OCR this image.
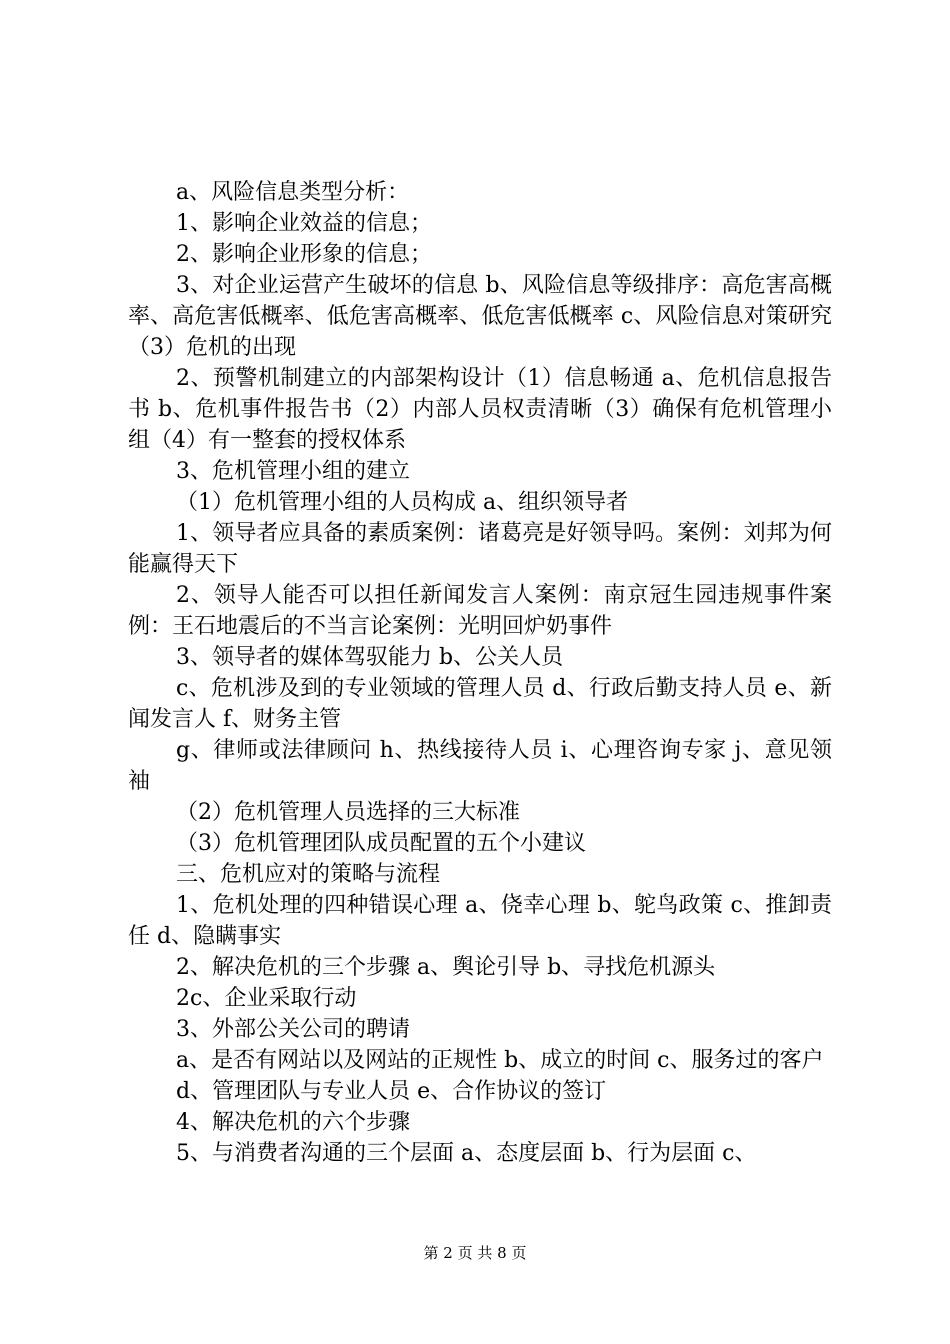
a、风险信息类型分析：

1、影响企业效益的信息；

2、影响企业形象的信息；

3、对企业运营产生破坏的信息 b、风险信息等级排序：高危害高概率、高危害低概率、低危害高概率、低危害低概率 c、风险信息对策研究（3）危机的出现

2、预警机制建立的内部架构设计（1）信息畅通 a、危机信息报告书 b、危机事件报告书（2）内部人员权责清晰（3）确保有危机管理小组（4）有一整套的授权体系

3、危机管理小组的建立

（1）危机管理小组的人员构成 a、组织领导者

1、领导者应具备的素质案例：诸葛亮是好领导吗。案例：刘邦为何能赢得天下

2、领导人能否可以担任新闻发言人案例：南京冠生园违规事件案例：王石地震后的不当言论案例：光明回炉奶事件

3、领导者的媒体驾驭能力 b、公关人员

c、危机涉及到的专业领域的管理人员 d、行政后勤支持人员 e、新闻发言人 f、财务主管

g、律师或法律顾问 h、热线接待人员 i、心理咨询专家 j、意见领袖

（2）危机管理人员选择的三大标准

（3）危机管理团队成员配置的五个小建议

三、危机应对的策略与流程

1、危机处理的四种错误心理 a、侥幸心理 b、鸵鸟政策 c、推卸责任 d、隐瞒事实

2、解决危机的三个步骤 a、舆论引导 b、寻找危机源头

2c、企业采取行动

3、外部公关公司的聘请

a、是否有网站以及网站的正规性 b、成立的时间 c、服务过的客户

d、管理团队与专业人员 e、合作协议的签订

4、解决危机的六个步骤

5、与消费者沟通的三个层面 a、态度层面 b、行为层面 c、

第 2 页 共 8 页
